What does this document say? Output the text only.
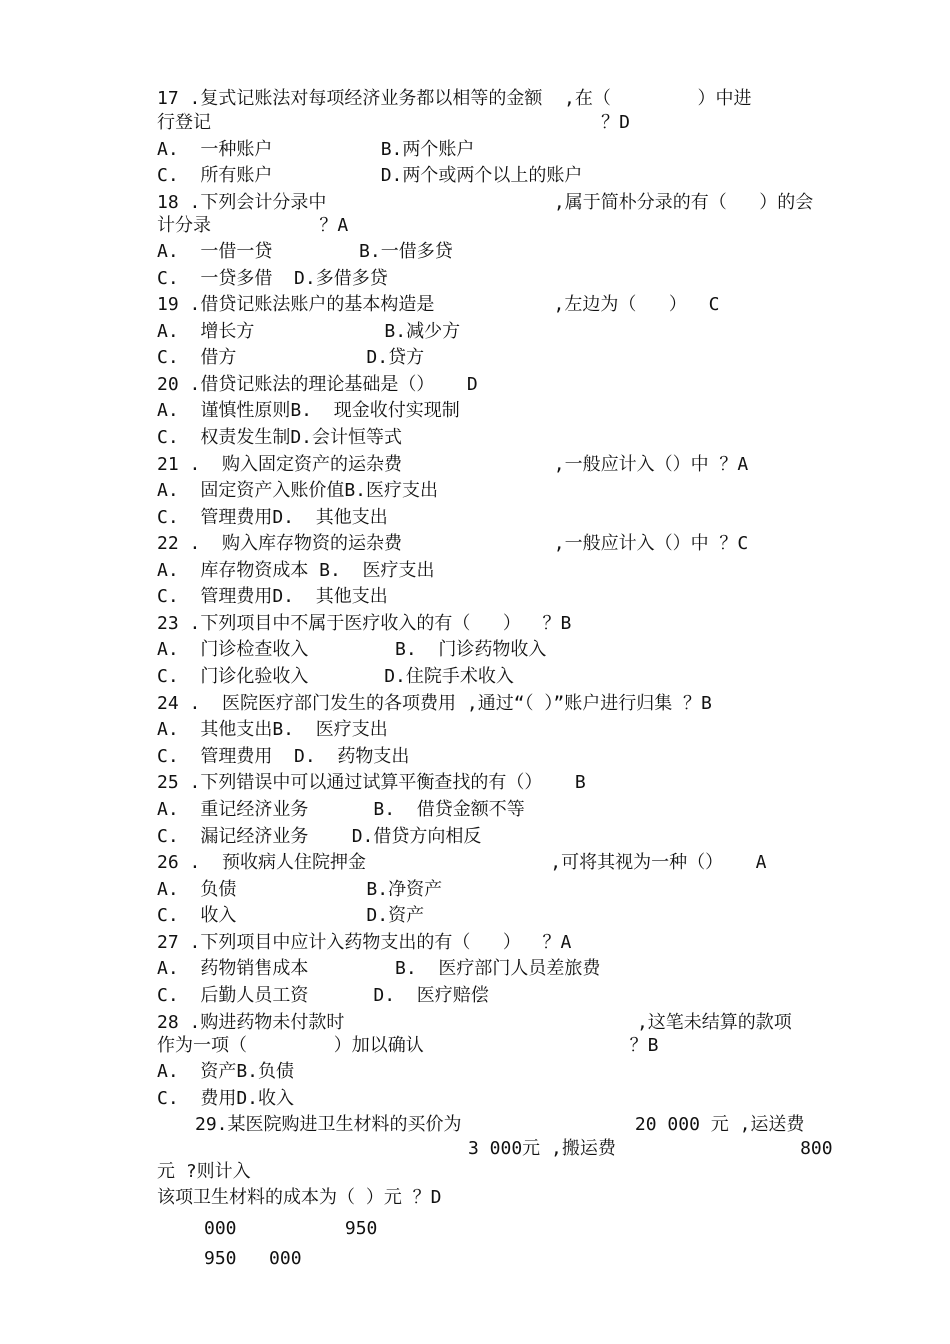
17 .复式记账法对每项经济业务都以相等的金额  ,在（        ）中进
行登记                                    ？D
A.  一种账户          B.两个账户
C.  所有账户          D.两个或两个以上的账户
18 .下列会计分录中                     ,属于简朴分录的有（   ）的会
计分录          ？A
A.  一借一贷        B.一借多贷
C.  一贷多借  D.多借多贷
19 .借贷记账法账户的基本构造是           ,左边为（   ）  C
A.  增长方            B.减少方
C.  借方            D.贷方
20 .借贷记账法的理论基础是（）   D
A.  谨慎性原则B.  现金收付实现制
C.  权责发生制D.会计恒等式
21 .  购入固定资产的运杂费              ,一般应计入（）中 ？A
A.  固定资产入账价值B.医疗支出
C.  管理费用D.  其他支出
22 .  购入库存物资的运杂费              ,一般应计入（）中 ？C
A.  库存物资成本 B.  医疗支出
C.  管理费用D.  其他支出
23 .下列项目中不属于医疗收入的有（   ）  ？B
A.  门诊检查收入        B.  门诊药物收入
C.  门诊化验收入       D.住院手术收入
24 .  医院医疗部门发生的各项费用 ,通过“（ ）”账户进行归集 ？B
A.  其他支出B.  医疗支出
C.  管理费用  D.  药物支出
25 .下列错误中可以通过试算平衡查找的有（）   B
A.  重记经济业务      B.  借贷金额不等
C.  漏记经济业务    D.借贷方向相反
26 .  预收病人住院押金                 ,可将其视为一种（）   A
A.  负债            B.净资产
C.  收入            D.资产
27 .下列项目中应计入药物支出的有（   ）  ？A
A.  药物销售成本        B.  医疗部门人员差旅费
C.  后勤人员工资      D.  医疗赔偿
28 .购进药物未付款时                           ,这笔未结算的款项
作为一项（        ）加以确认                   ？B
A.  资产B.负债
C.  费用D.收入
29.某医院购进卫生材料的买价为                20 000 元 ,运送费
3 000元 ,搬运费                 800
元 ?则计入
该项卫生材料的成本为（ ）元 ？D
000          950
950   000
